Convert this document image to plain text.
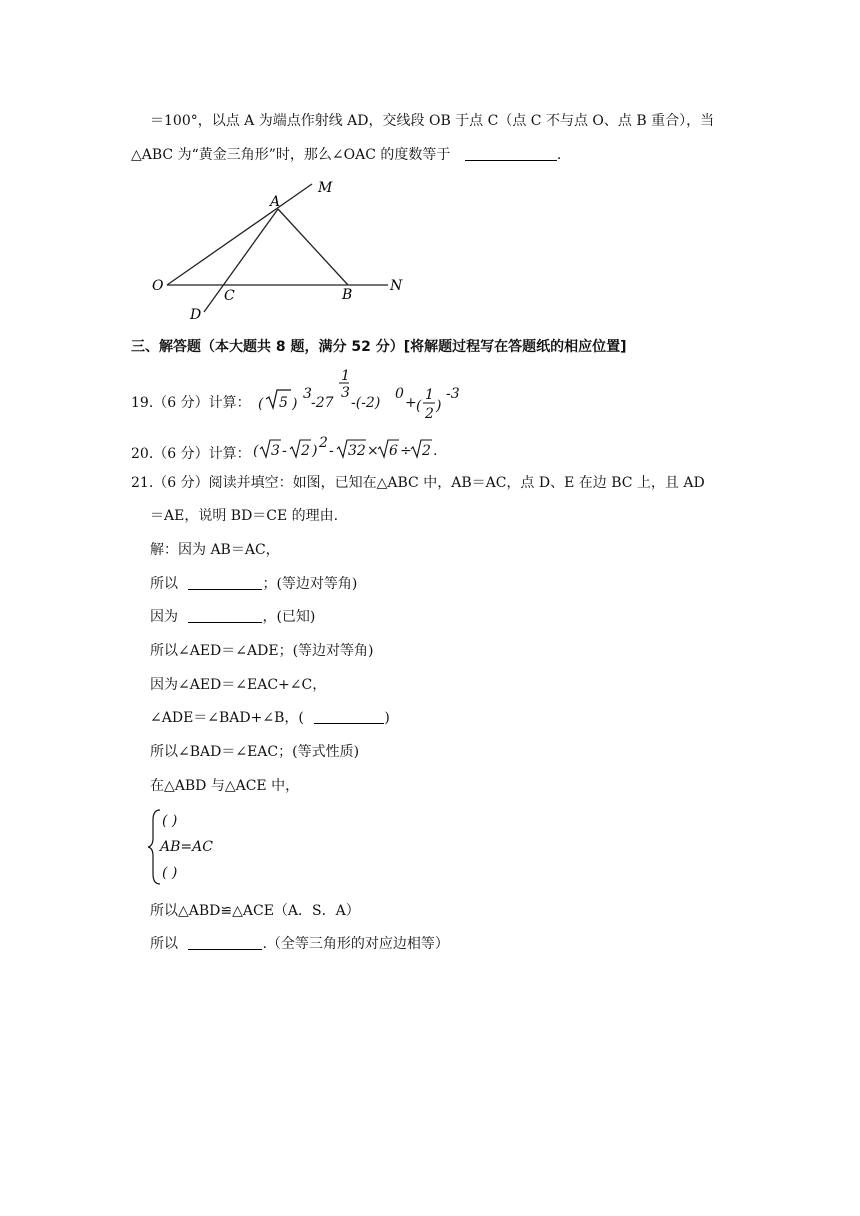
＝100°，以点 A 为端点作射线 AD，交线段 OB 于点 C（点 C 不与点 O、点 B 重合），当
△ABC 为“黄金三角形”时，那么∠OAC 的度数等于	.
O
A
M
C	B
N
D
三、解答题（本大题共 8 题，满分 52 分）[将解题过程写在答题纸的相应位置]
19.（6 分）计算： ( 5 )
3
-27
1
3
-(-2)
0
+ (
1
2 )
-3
20.（6 分）计算： ( 3 - 2 ) 2 - 32 × 6 ÷ 2 .
21.（6 分）阅读并填空：如图，已知在△ABC 中，AB＝AC，点 D、E 在边 BC 上，且 AD
＝AE，说明 BD＝CE 的理由.
解：因为 AB＝AC，
所以	；(等边对等角)
因为	，(已知)
所以∠AED＝∠ADE；(等边对等角)
因为∠AED＝∠EAC+∠C，
∠ADE＝∠BAD+∠B，(	)
所以∠BAD＝∠EAC；(等式性质)
在△ABD 与△ACE 中，
( )
AB=AC
( )
所以△ABD≌△ACE（A．S．A）
所以	.（全等三角形的对应边相等）
